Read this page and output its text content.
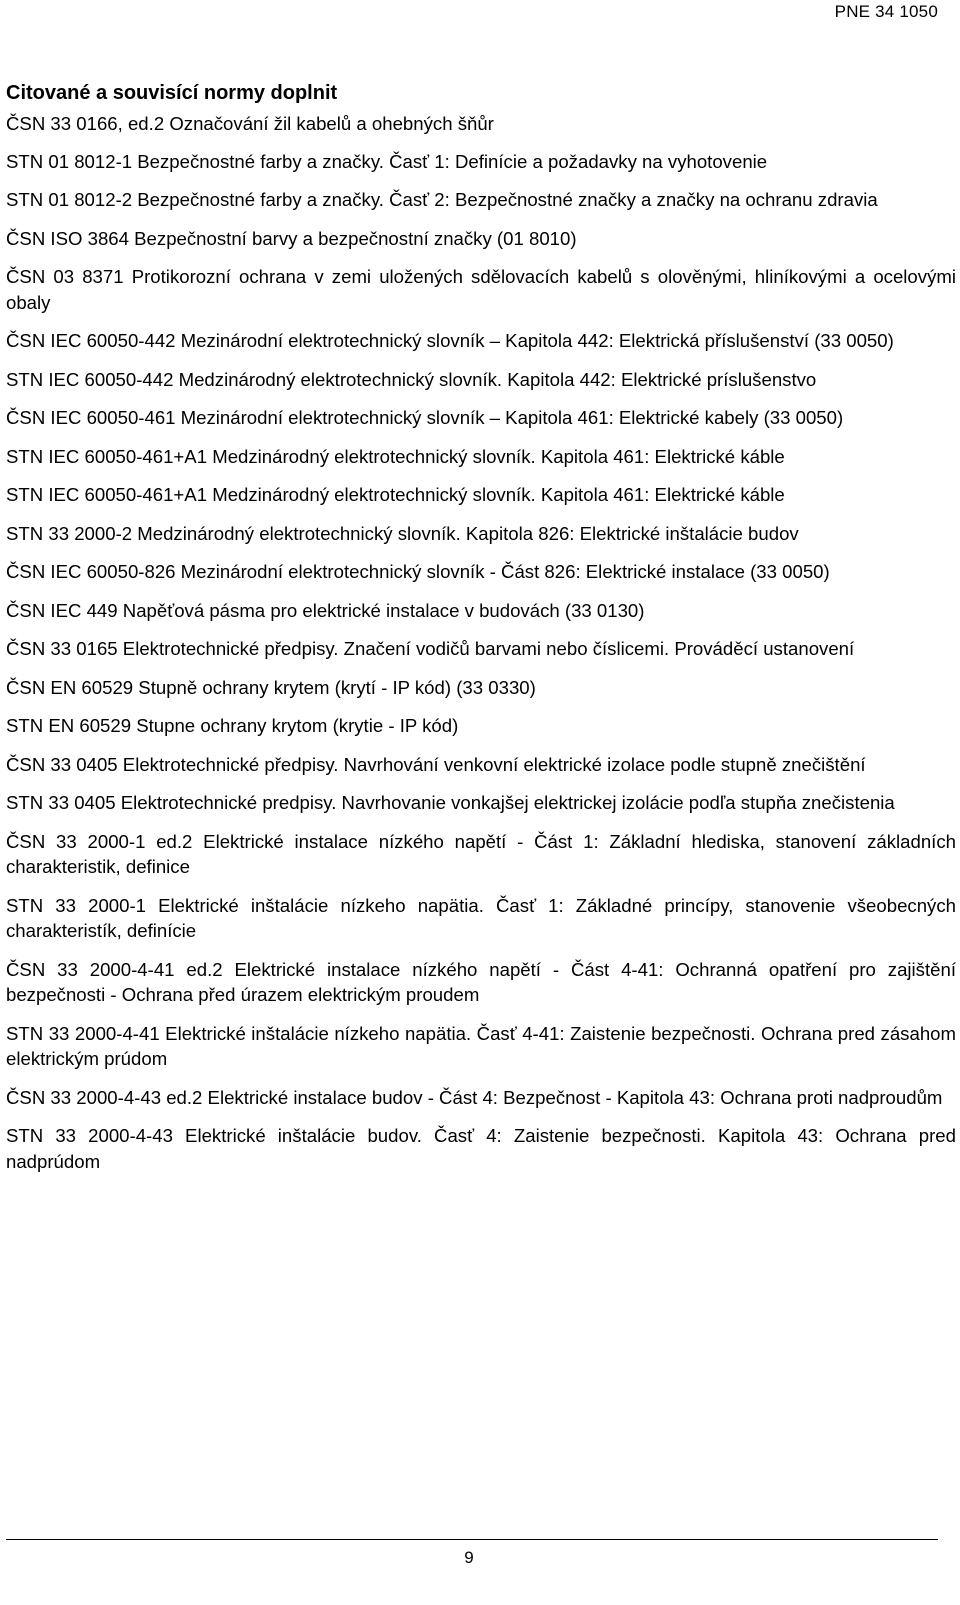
PNE 34 1050
Citované a souvisící normy doplnit
ČSN 33 0166, ed.2 Označování žil kabelů a ohebných šňůr
STN 01 8012-1 Bezpečnostné farby a značky. Časť 1: Definície a požadavky na vyhotovenie
STN 01 8012-2 Bezpečnostné farby a značky. Časť 2: Bezpečnostné značky a značky na ochranu zdravia
ČSN ISO 3864 Bezpečnostní barvy a bezpečnostní značky (01 8010)
ČSN 03 8371 Protikorozní ochrana v zemi uložených sdělovacích kabelů s olověnými, hliníkovými a ocelovými obaly
ČSN IEC 60050-442 Mezinárodní elektrotechnický slovník – Kapitola 442: Elektrická příslušenství (33 0050)
STN IEC 60050-442 Medzinárodný elektrotechnický slovník. Kapitola 442: Elektrické príslušenstvo
ČSN IEC 60050-461 Mezinárodní elektrotechnický slovník – Kapitola 461: Elektrické kabely (33 0050)
STN IEC 60050-461+A1 Medzinárodný elektrotechnický slovník. Kapitola 461: Elektrické káble
STN IEC 60050-461+A1 Medzinárodný elektrotechnický slovník. Kapitola 461: Elektrické káble
STN 33 2000-2 Medzinárodný elektrotechnický slovník. Kapitola 826: Elektrické inštalácie budov
ČSN IEC 60050-826 Mezinárodní elektrotechnický slovník - Část 826: Elektrické instalace (33 0050)
ČSN IEC 449 Napěťová pásma pro elektrické instalace v budovách (33 0130)
ČSN 33 0165 Elektrotechnické předpisy. Značení vodičů barvami nebo číslicemi. Prováděcí ustanovení
ČSN EN 60529 Stupně ochrany krytem (krytí - IP kód) (33 0330)
STN EN 60529 Stupne ochrany krytom (krytie - IP kód)
ČSN 33 0405 Elektrotechnické předpisy. Navrhování venkovní elektrické izolace podle stupně znečištění
STN 33 0405 Elektrotechnické predpisy. Navrhovanie vonkajšej elektrickej izolácie podľa stupňa znečistenia
ČSN 33 2000-1 ed.2 Elektrické instalace nízkého napětí - Část 1: Základní hlediska, stanovení základních charakteristik, definice
STN 33 2000-1 Elektrické inštalácie nízkeho napätia. Časť 1: Základné princípy, stanovenie všeobecných charakteristík, definície
ČSN 33 2000-4-41 ed.2 Elektrické instalace nízkého napětí - Část 4-41: Ochranná opatření pro zajištění bezpečnosti - Ochrana před úrazem elektrickým proudem
STN 33 2000-4-41 Elektrické inštalácie nízkeho napätia. Časť 4-41: Zaistenie bezpečnosti. Ochrana pred zásahom elektrickým prúdom
ČSN 33 2000-4-43 ed.2 Elektrické instalace budov - Část 4: Bezpečnost - Kapitola 43: Ochrana proti nadproudům
STN 33 2000-4-43 Elektrické inštalácie budov. Časť 4: Zaistenie bezpečnosti. Kapitola 43: Ochrana pred nadprúdom
9
